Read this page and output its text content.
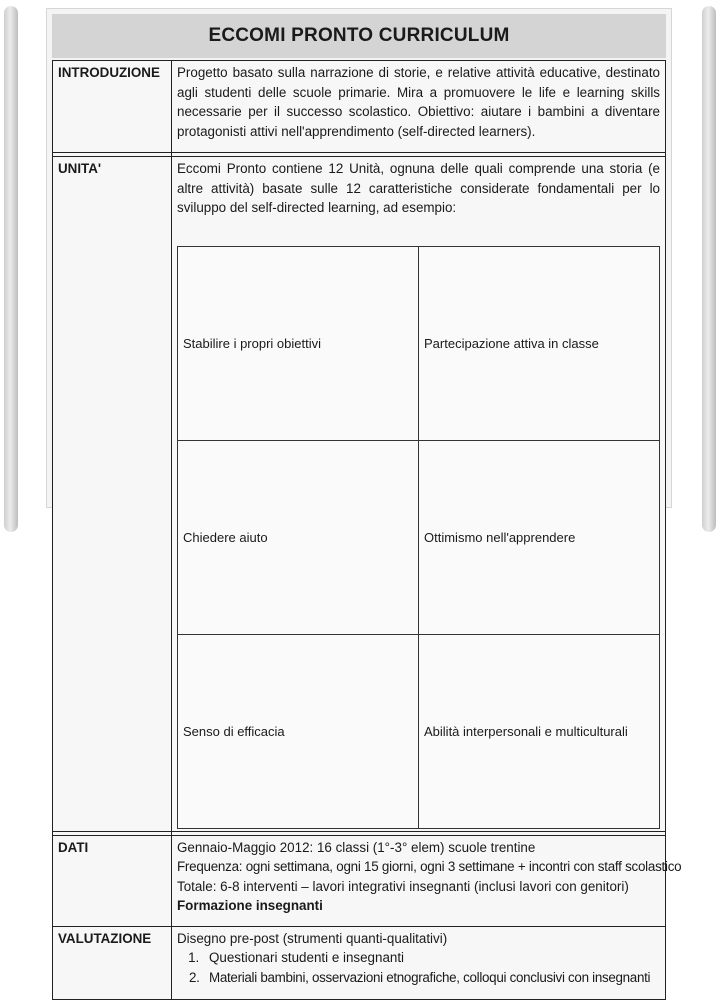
ECCOMI PRONTO CURRICULUM
INTRODUZIONE	Progetto basato sulla narrazione di storie, e relative attività educative, destinato agli studenti delle scuole primarie. Mira a promuovere le life e learning skills necessarie per il successo scolastico. Obiettivo: aiutare i bambini a diventare protagonisti attivi nell'apprendimento (self-directed learners).

UNITA'	Eccomi Pronto contiene 12 Unità, ognuna delle quali comprende una storia (e altre attività) basate sulle 12 caratteristiche considerate fondamentali per lo sviluppo del self-directed learning, ad esempio:

Stabilire i propri obiettivi	Partecipazione attiva in classe
Chiedere aiuto	Ottimismo nell'apprendere
Senso di efficacia	Abilità interpersonali e multiculturali

DATI	Gennaio-Maggio 2012: 16 classi (1°-3° elem) scuole trentine

Frequenza: ogni settimana, ogni 15 giorni, ogni 3 settimane + incontri con staff scolastico

Totale: 6-8 interventi – lavori integrativi insegnanti (inclusi lavori con genitori)

Formazione insegnanti

VALUTAZIONE	Disegno pre-post (strumenti quanti-qualitativi)

1. Questionari studenti e insegnanti
2. Materiali bambini, osservazioni etnografiche, colloqui conclusivi con insegnanti
